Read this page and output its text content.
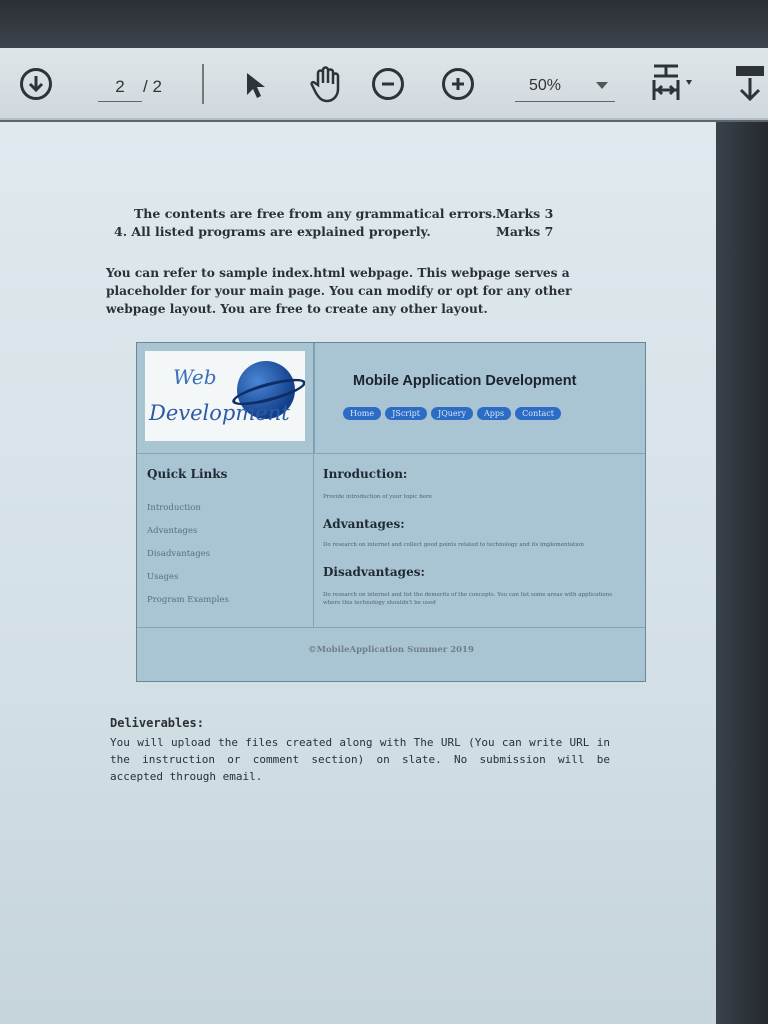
2	/ 2	50%
The contents are free from any grammatical errors. Marks 3
4. All listed programs are explained properly.	Marks 7
You can refer to sample index.html webpage. This webpage serves a placeholder for your main page. You can modify or opt for any other webpage layout. You are free to create any other layout.
Web
Development
Mobile Application Development
Home	JScript	JQuery	Apps	Contact
Quick Links
Introduction
Advantages
Disadvantages
Usages
Program Examples
Inroduction:
Provide introduction of your topic here
Advantages:
Do research on internet and collect good points related to technology and its implementation
Disadvantages:
Do research on internet and list the demerits of the concepts. You can list some areas with applications where this technology shouldn't be used
©MobileApplication Summer 2019
Deliverables:
You will upload the files created along with The URL (You can write URL in the instruction or comment section) on slate. No submission will be accepted through email.
